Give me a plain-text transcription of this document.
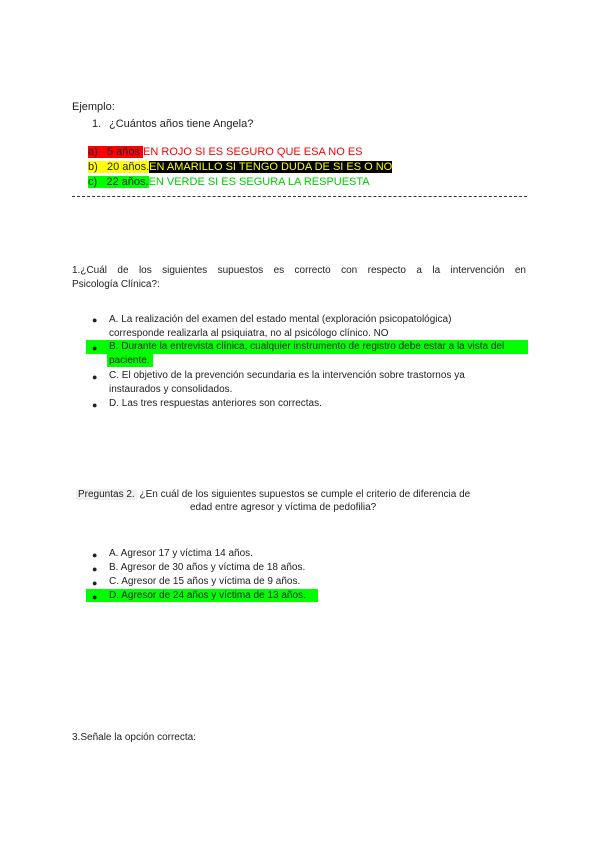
Ejemplo:
1. ¿Cuántos años tiene Angela?
a) 5 años.EN ROJO SI ES SEGURO QUE ESA NO ES
b) 20 años.EN AMARILLO SI TENGO DUDA DE SI ES O NO
c) 22 años.EN VERDE SI ES SEGURA LA RESPUESTA
1.¿Cuál de los siguientes supuestos es correcto con respecto a la intervención en
Psicología Clínica?:
● A. La realización del examen del estado mental (exploración psicopatológica)
corresponde realizarla al psiquiatra, no al psicólogo clínico. NO
● B. Durante la entrevista clínica, cualquier instrumento de registro debe estar a la vista del
paciente.
● C. El objetivo de la prevención secundaria es la intervención sobre trastornos ya
instaurados y consolidados.
● D. Las tres respuestas anteriores son correctas.
Preguntas 2. ¿En cuál de los siguientes supuestos se cumple el criterio de diferencia de
edad entre agresor y víctima de pedofilia?
● A. Agresor 17 y víctima 14 años.
● B. Agresor de 30 años y víctima de 18 años.
● C. Agresor de 15 años y víctima de 9 años.
● D. Agresor de 24 años y víctima de 13 años.
3.Señale la opción correcta:
